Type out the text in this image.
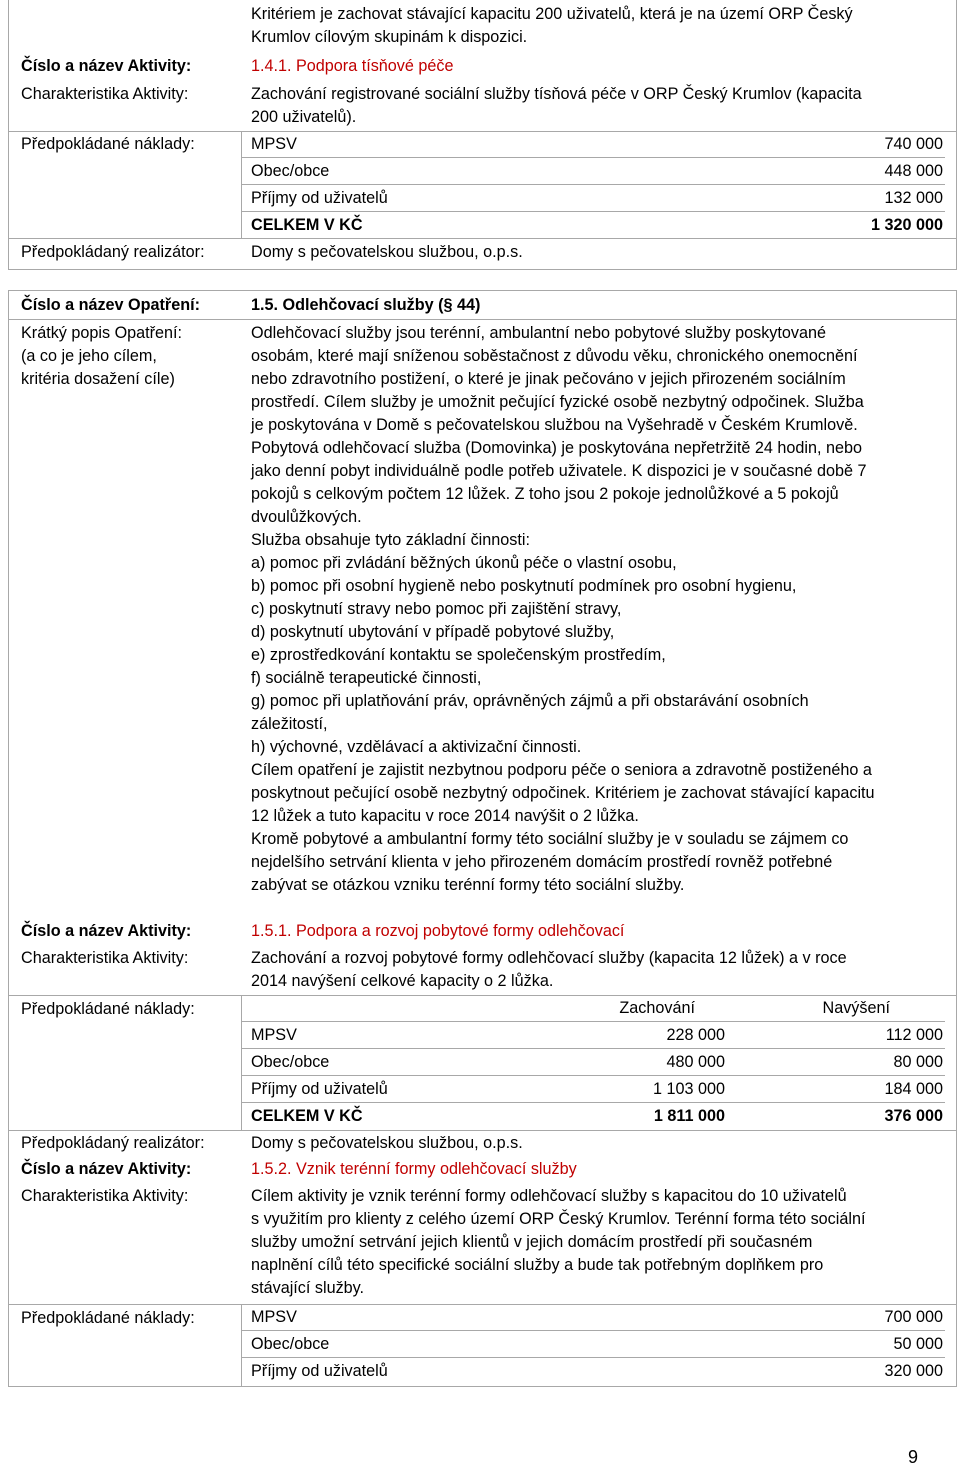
Kritériem je zachovat stávající kapacitu 200 uživatelů, která je na území ORP Český
Krumlov cílovým skupinám k dispozici.
Číslo a název Aktivity:	1.4.1. Podpora tísňové péče
Charakteristika Aktivity:	Zachování registrované sociální služby tísňová péče v ORP Český Krumlov (kapacita
200 uživatelů).
Předpokládané náklady:	MPSV	740 000
Obec/obce	448 000
Příjmy od uživatelů	132 000
CELKEM V KČ	1 320 000
Předpokládaný realizátor:	Domy s pečovatelskou službou, o.p.s.
Číslo a název Opatření:	1.5. Odlehčovací služby (§ 44)
Krátký popis Opatření:
(a co je jeho cílem,
kritéria dosažení cíle)
Odlehčovací služby jsou terénní, ambulantní nebo pobytové služby poskytované
osobám, které mají sníženou soběstačnost z důvodu věku, chronického onemocnění
nebo zdravotního postižení, o které je jinak pečováno v jejich přirozeném sociálním
prostředí. Cílem služby je umožnit pečující fyzické osobě nezbytný odpočinek. Služba
je poskytována v Domě s pečovatelskou službou na Vyšehradě v Českém Krumlově.
Pobytová odlehčovací služba (Domovinka) je poskytována nepřetržitě 24 hodin, nebo
jako denní pobyt individuálně podle potřeb uživatele. K dispozici je v současné době 7
pokojů s celkovým počtem 12 lůžek. Z toho jsou 2 pokoje jednolůžkové a 5 pokojů
dvoulůžkových.
Služba obsahuje tyto základní činnosti:
a) pomoc při zvládání běžných úkonů péče o vlastní osobu,
b) pomoc při osobní hygieně nebo poskytnutí podmínek pro osobní hygienu,
c) poskytnutí stravy nebo pomoc při zajištění stravy,
d) poskytnutí ubytování v případě pobytové služby,
e) zprostředkování kontaktu se společenským prostředím,
f) sociálně terapeutické činnosti,
g) pomoc při uplatňování práv, oprávněných zájmů a při obstarávání osobních
záležitostí,
h) výchovné, vzdělávací a aktivizační činnosti.
Cílem opatření je zajistit nezbytnou podporu péče o seniora a zdravotně postiženého a
poskytnout pečující osobě nezbytný odpočinek. Kritériem je zachovat stávající kapacitu
12 lůžek a tuto kapacitu v roce 2014 navýšit o 2 lůžka.
Kromě pobytové a ambulantní formy této sociální služby je v souladu se zájmem co
nejdelšího setrvání klienta v jeho přirozeném domácím prostředí rovněž potřebné
zabývat se otázkou vzniku terénní formy této sociální služby.
Číslo a název Aktivity:	1.5.1. Podpora a rozvoj pobytové formy odlehčovací
Charakteristika Aktivity:	Zachování a rozvoj pobytové formy odlehčovací služby (kapacita 12 lůžek) a v roce
2014 navýšení celkové kapacity o 2 lůžka.
Předpokládané náklady:	Zachování	Navýšení
MPSV	228 000	112 000
Obec/obce	480 000	80 000
Příjmy od uživatelů	1 103 000	184 000
CELKEM V KČ	1 811 000	376 000
Předpokládaný realizátor:	Domy s pečovatelskou službou, o.p.s.
Číslo a název Aktivity:	1.5.2. Vznik terénní formy odlehčovací služby
Charakteristika Aktivity:	Cílem aktivity je vznik terénní formy odlehčovací služby s kapacitou do 10 uživatelů
s využitím pro klienty z celého území ORP Český Krumlov. Terénní forma této sociální
služby umožní setrvání jejich klientů v jejich domácím prostředí při současném
naplnění cílů této specifické sociální služby a bude tak potřebným doplňkem pro
stávající služby.
Předpokládané náklady:	MPSV	700 000
Obec/obce	50 000
Příjmy od uživatelů	320 000
9
